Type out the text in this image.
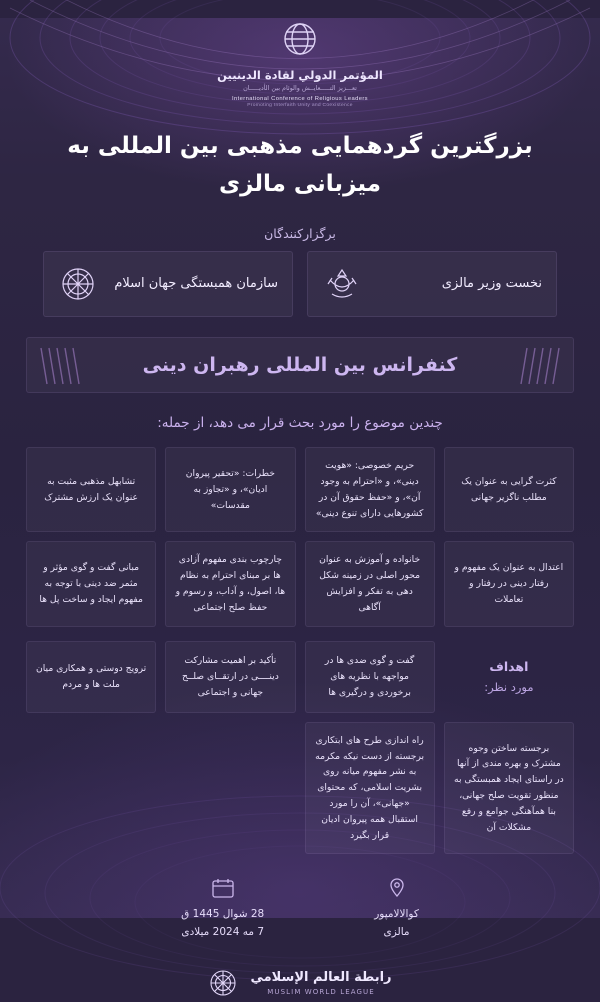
المؤتمر الدولي لقادة الدينيين
تعـــزيز التـــــعايــش والوئام بين الأديـــــان
International Conference of Religious Leaders
Promoting Interfaith Unity and Coexistence
بزرگترین گردهمایی مذهبی بین المللی به میزبانی مالزی
برگزارکنندگان
نخست وزیر مالزی
سازمان همبستگی جهان اسلام
کنفرانس بین المللی رهبران دینی
چندین موضوع را مورد بحث قرار می دهد، از جمله:
کثرت گرایی به عنوان یک مطلب ناگزیر جهانی
حریم خصوصی: «هویت دینی»، و «احترام به وجود آن»، و «حفظ حقوق آن در کشورهایی دارای تنوع دینی»
خطرات: «تحقیر پیروان ادیان»، و «تجاوز به مقدسات»
تشابهل مذهبی مثبت به عنوان یک ارزش مشترک
اعتدال به عنوان یک مفهوم و رفتار دینی در رفتار و تعاملات
خانواده و آموزش به عنوان محور اصلی در زمینه شکل دهی به تفکر و افزایش آگاهی
چارچوب بندی مفهوم آزادی ها بر مبنای احترام به نظام ها، اصول، و آداب، و رسوم و حفظ صلح اجتماعی
مبانی گفت و گوی مؤثر و مثمر ضد دینی با توجه به مفهوم ایجاد و ساخت پل ها
اهداف
مورد نظر:
گفت و گوی ضدی ها در مواجهه با نظریه های برخوردی و درگیری ها
تأکید بر اهمیت مشارکت دینــــی در ارتقــای صلــح جهانی و اجتماعی
ترویج دوستی و همکاری میان ملت ها و مردم
برجسته ساختن وجوه مشترک و بهره مندی از آنها در راستای ایجاد همبستگی به منظور تقویت صلح جهانی، بنا همآهنگی جوامع و رفع مشکلات آن
راه اندازی طرح های ابتکاری برجسته از دست نیکه مکرمه به نشر مفهوم میانه روی بشریت اسلامی، که محتوای «جهانی»، آن را مورد استقبال همه پیروان ادیان قرار بگیرد
کوالالامپور
مالزی
28 شوال 1445 ق
7 مه 2024 میلادی
رابطة العالم الإسلامي
MUSLIM WORLD LEAGUE
